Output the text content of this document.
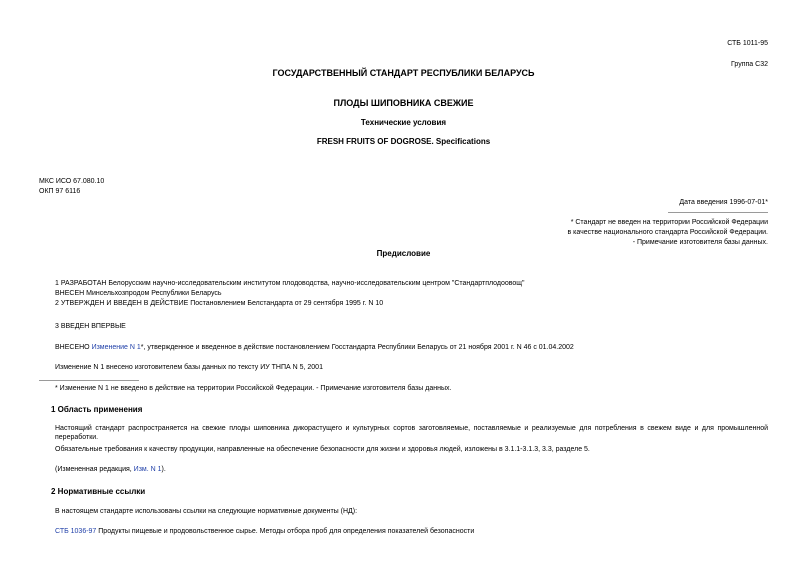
СТБ 1011-95
Группа С32
ГОСУДАРСТВЕННЫЙ СТАНДАРТ РЕСПУБЛИКИ БЕЛАРУСЬ
ПЛОДЫ ШИПОВНИКА СВЕЖИЕ
Технические условия
FRESH FRUITS OF DOGROSE. Specifications
МКС ИСО 67.080.10
ОКП 97 6116
Дата введения 1996-07-01*
* Стандарт не введен на территории Российской Федерации
в качестве национального стандарта Российской Федерации.
- Примечание изготовителя базы данных.
Предисловие
1 РАЗРАБОТАН Белорусским научно-исследовательским институтом плодоводства, научно-исследовательским центром "Стандартплодоовощ"
ВНЕСЕН Минсельхозпродом Республики Беларусь
2 УТВЕРЖДЕН И ВВЕДЕН В ДЕЙСТВИЕ Постановлением Белстандарта от 29 сентября 1995 г. N 10
3 ВВЕДЕН ВПЕРВЫЕ
ВНЕСЕНО Изменение N 1*, утвержденное и введенное в действие постановлением Госстандарта Республики Беларусь от 21 ноября 2001 г. N 46 с 01.04.2002
Изменение N 1 внесено изготовителем базы данных по тексту ИУ ТНПА N 5, 2001
* Изменение N 1 не введено в действие на территории Российской Федерации. - Примечание изготовителя базы данных.
1 Область применения
Настоящий стандарт распространяется на свежие плоды шиповника дикорастущего и культурных сортов заготовляемые, поставляемые и реализуемые для потребления в свежем виде и для промышленной переработки.
Обязательные требования к качеству продукции, направленные на обеспечение безопасности для жизни и здоровья людей, изложены в 3.1.1-3.1.3, 3.3, разделе 5.
(Измененная редакция, Изм. N 1).
2 Нормативные ссылки
В настоящем стандарте использованы ссылки на следующие нормативные документы (НД):
СТБ 1036-97 Продукты пищевые и продовольственное сырье. Методы отбора проб для определения показателей безопасности
